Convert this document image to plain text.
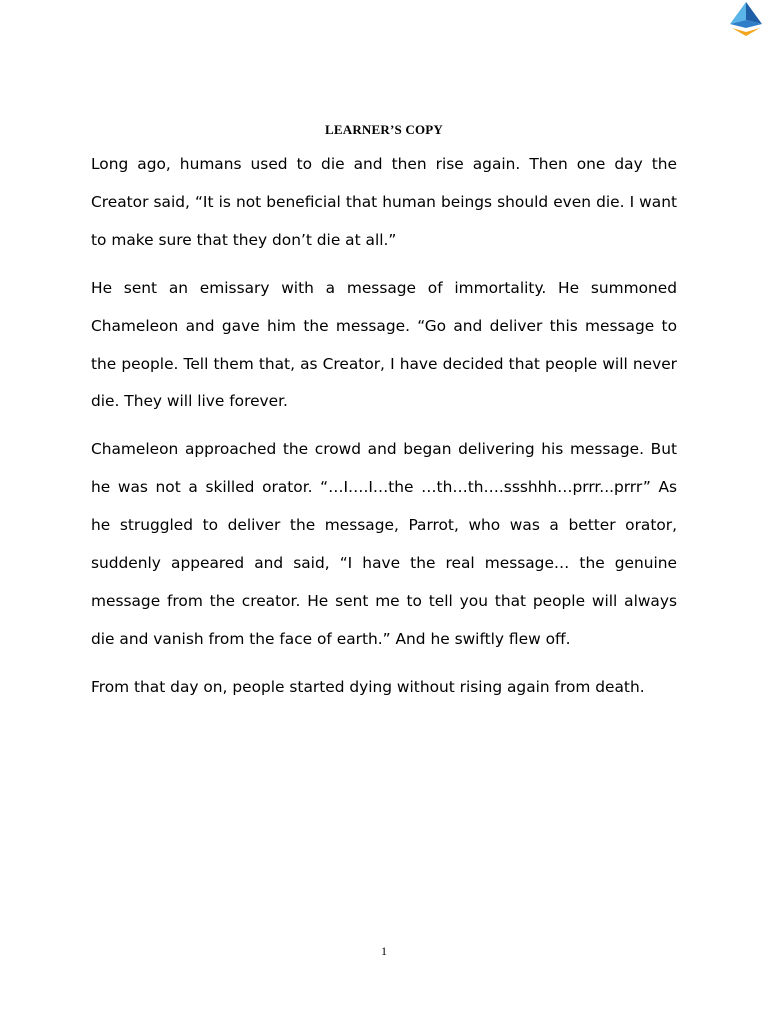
LEARNER’S COPY

Long ago, humans used to die and then rise again. Then one day the Creator said, “It is not beneficial that human beings should even die. I want to make sure that they don’t die at all.”

He sent an emissary with a message of immortality. He summoned Chameleon and gave him the message. “Go and deliver this message to the people. Tell them that, as Creator, I have decided that people will never die. They will live forever.

Chameleon approached the crowd and began delivering his message. But he was not a skilled orator. “…I….I…the …th…th….ssshhh…prrr...prrr” As he struggled to deliver the message, Parrot, who was a better orator, suddenly appeared and said, “I have the real message… the genuine message from the creator. He sent me to tell you that people will always die and vanish from the face of earth.” And he swiftly flew off.

From that day on, people started dying without rising again from death.

1
